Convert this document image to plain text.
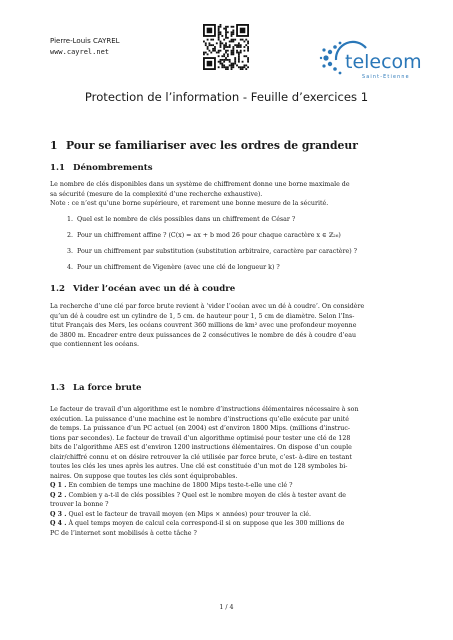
Pierre-Louis CAYREL
www.cayrel.net	telecom
Saint-Etienne
Protection de l’information - Feuille d’exercices 1
1 Pour se familiariser avec les ordres de grandeur
1.1 Dénombrements
Le nombre de clés disponibles dans un système de chiffrement donne une borne maximale de
sa sécurité (mesure de la complexité d’une recherche exhaustive).
Note : ce n’est qu’une borne supérieure, et rarement une bonne mesure de la sécurité.
1. Quel est le nombre de clés possibles dans un chiffrement de César ?
2. Pour un chiffrement affine ? (C(x) = ax + b mod 26 pour chaque caractère x ∈ ℤ₂₆)
3. Pour un chiffrement par substitution (substitution arbitraire, caractère par caractère) ?
4. Pour un chiffrement de Vigenère (avec une clé de longueur k) ?
1.2 Vider l’océan avec un dé à coudre
La recherche d’une clé par force brute revient à ‘vider l’océan avec un dé à coudre’. On considère
qu’un dé à coudre est un cylindre de 1, 5 cm. de hauteur pour 1, 5 cm de diamètre. Selon l’Ins-
titut Français des Mers, les océans couvrent 360 millions de km² avec une profondeur moyenne
de 3800 m. Encadrer entre deux puissances de 2 consécutives le nombre de dés à coudre d’eau
que contiennent les océans.
1.3 La force brute
Le facteur de travail d’un algorithme est le nombre d’instructions élémentaires nécessaire à son
exécution. La puissance d’une machine est le nombre d’instructions qu’elle exécute par unité
de temps. La puissance d’un PC actuel (en 2004) est d’environ 1800 Mips. (millions d’instruc-
tions par secondes). Le facteur de travail d’un algorithme optimisé pour tester une clé de 128
bits de l’algorithme AES est d’environ 1200 instructions élémentaires. On dispose d’un couple
clair/chiffré connu et on désire retrouver la clé utilisée par force brute, c’est- à-dire en testant
toutes les clés les unes après les autres. Une clé est constituée d’un mot de 128 symboles bi-
naires. On suppose que toutes les clés sont équiprobables.
Q 1 . En combien de temps une machine de 1800 Mips teste-t-elle une clé ?
Q 2 . Combien y a-t-il de clés possibles ? Quel est le nombre moyen de clés à tester avant de
trouver la bonne ?
Q 3 . Quel est le facteur de travail moyen (en Mips × années) pour trouver la clé.
Q 4 . À quel temps moyen de calcul cela correspond-il si on suppose que les 300 millions de
PC de l’internet sont mobilisés à cette tâche ?
1 / 4
